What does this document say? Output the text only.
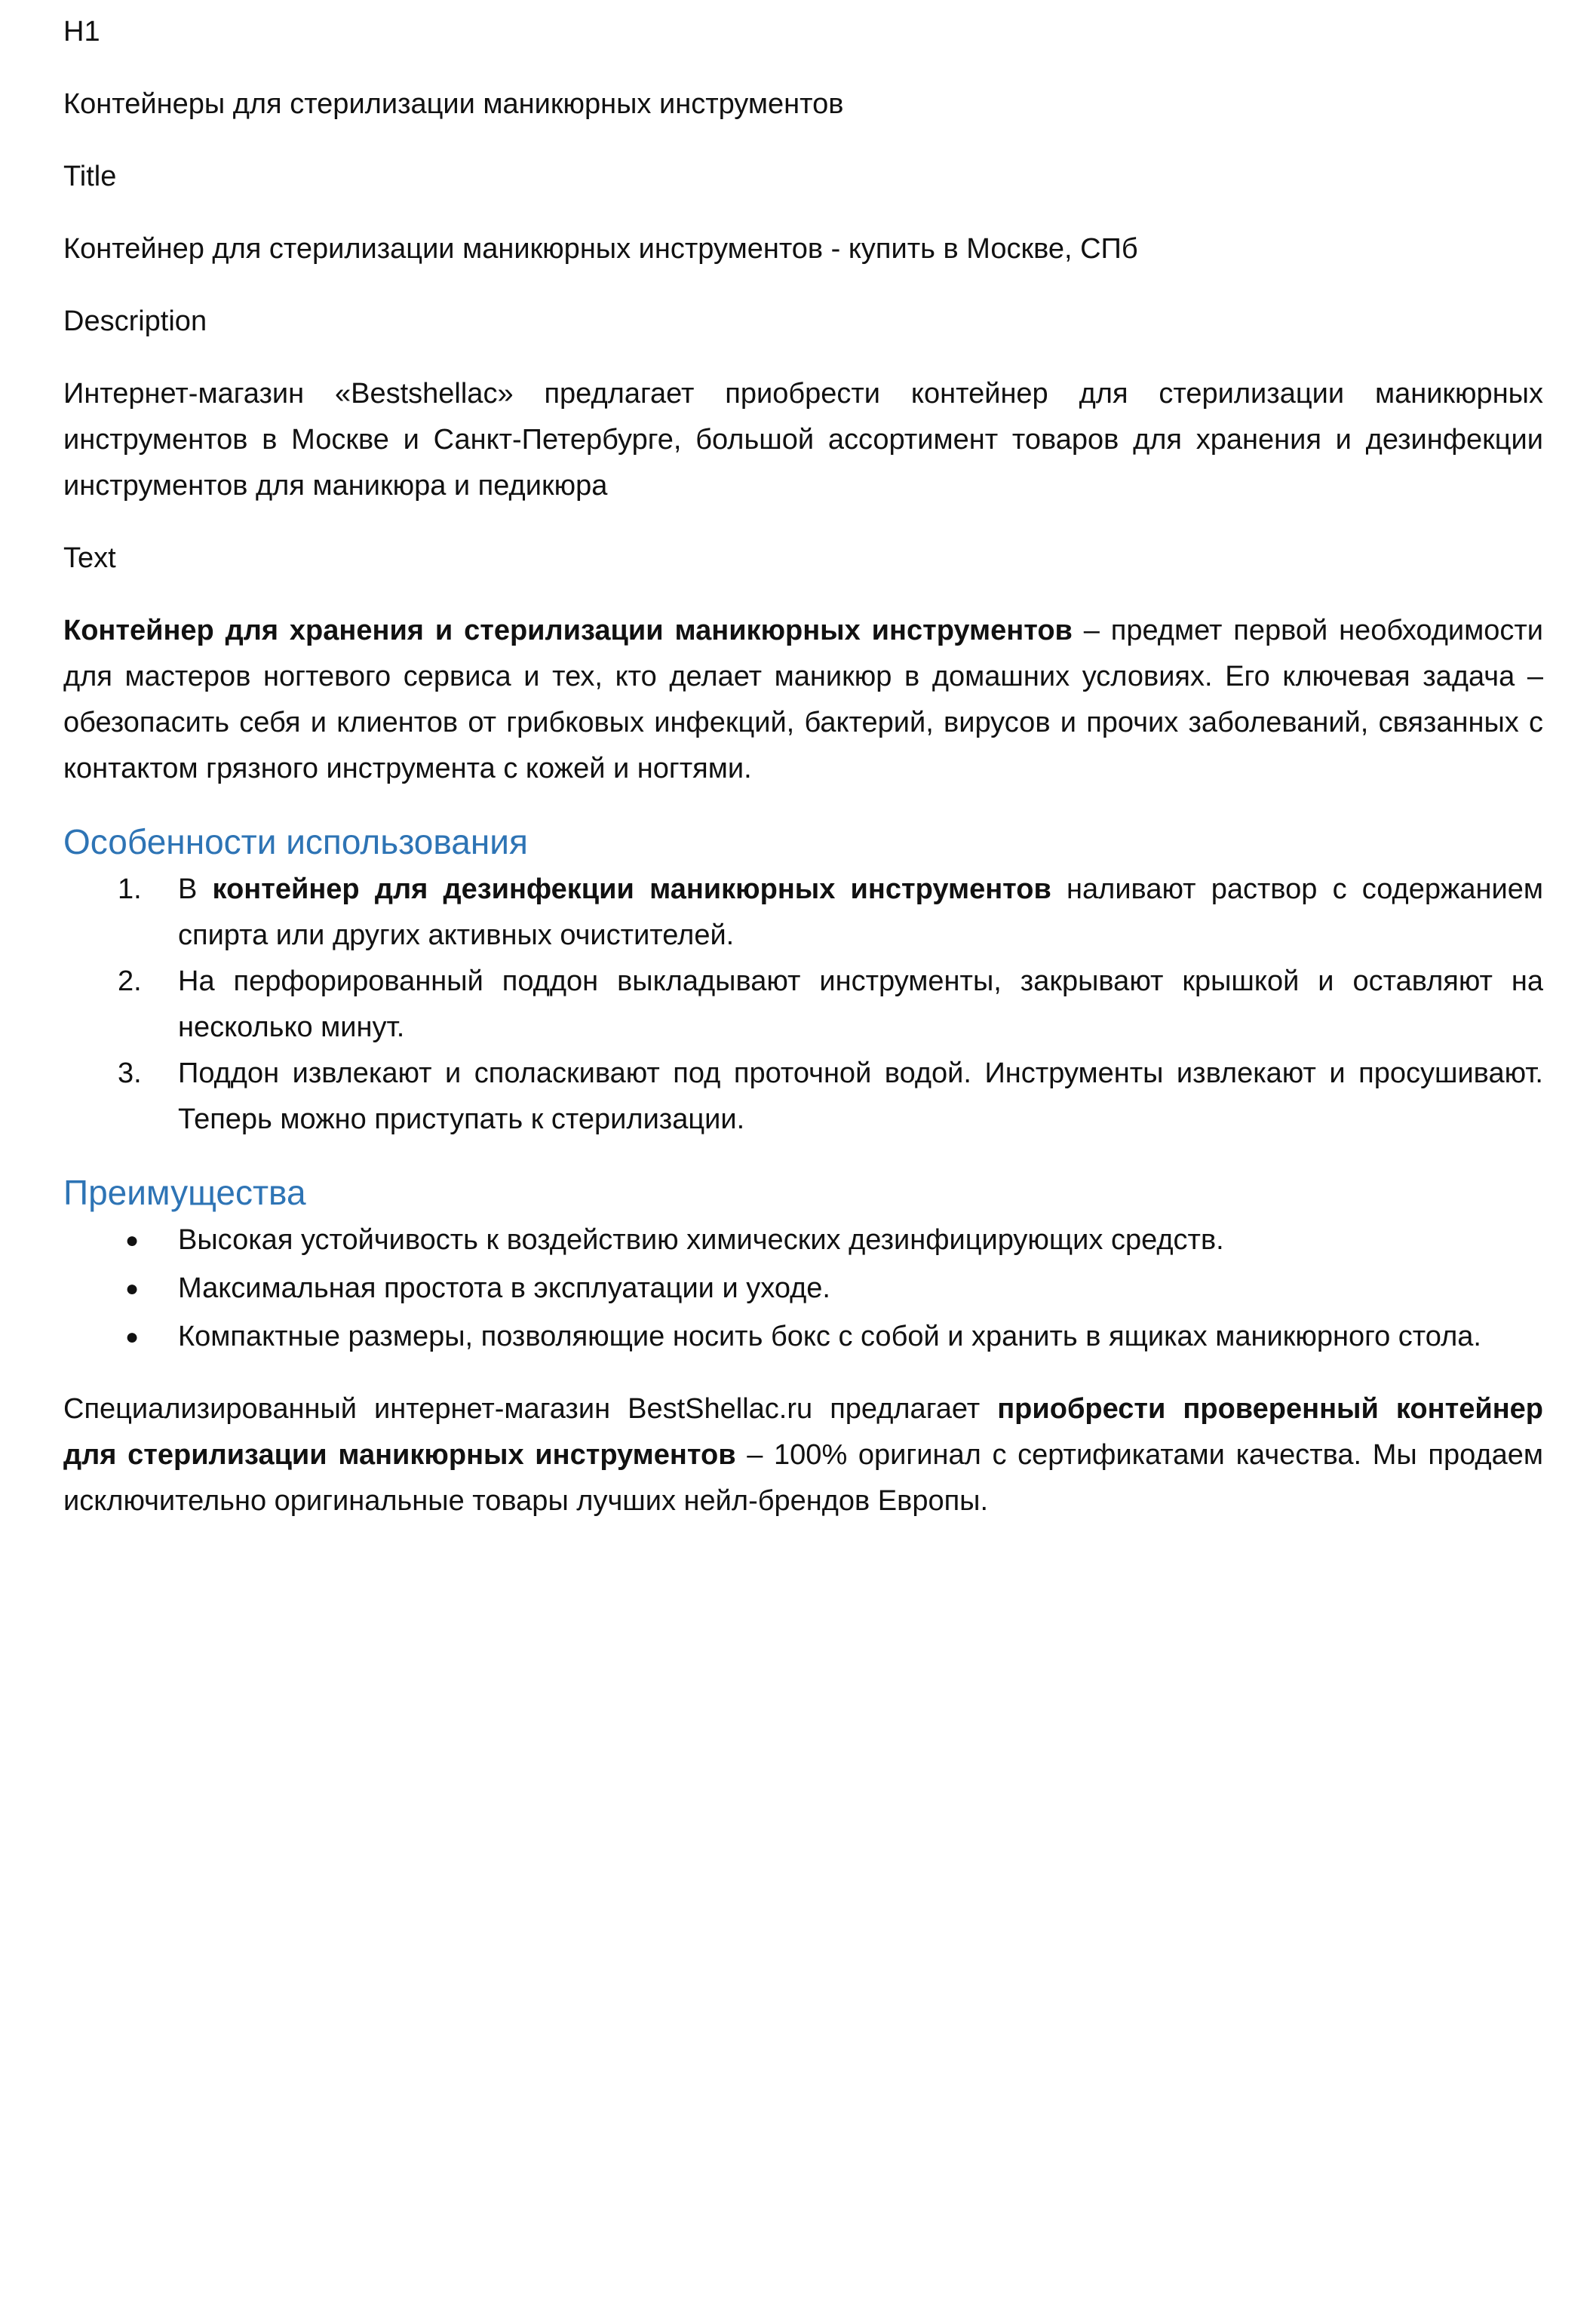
H1

Контейнеры для стерилизации маникюрных инструментов

Title

Контейнер для стерилизации маникюрных инструментов - купить в Москве, СПб

Description

Интернет-магазин «Bestshellac» предлагает приобрести контейнер для стерилизации маникюрных инструментов в Москве и Санкт-Петербурге, большой ассортимент товаров для хранения и дезинфекции инструментов для маникюра и педикюра

Text

Контейнер для хранения и стерилизации маникюрных инструментов – предмет первой необходимости для мастеров ногтевого сервиса и тех, кто делает маникюр в домашних условиях. Его ключевая задача – обезопасить себя и клиентов от грибковых инфекций, бактерий, вирусов и прочих заболеваний, связанных с контактом грязного инструмента с кожей и ногтями.

Особенности использования
1.	В контейнер для дезинфекции маникюрных инструментов наливают раствор с содержанием спирта или других активных очистителей.
2.	На перфорированный поддон выкладывают инструменты, закрывают крышкой и оставляют на несколько минут.
3.	Поддон извлекают и споласкивают под проточной водой. Инструменты извлекают и просушивают. Теперь можно приступать к стерилизации.
Преимущества
●	Высокая устойчивость к воздействию химических дезинфицирующих средств.
●	Максимальная простота в эксплуатации и уходе.
●	Компактные размеры, позволяющие носить бокс с собой и хранить в ящиках маникюрного стола.

Специализированный интернет-магазин BestShellac.ru предлагает приобрести проверенный контейнер для стерилизации маникюрных инструментов – 100% оригинал с сертификатами качества. Мы продаем исключительно оригинальные товары лучших нейл-брендов Европы.
